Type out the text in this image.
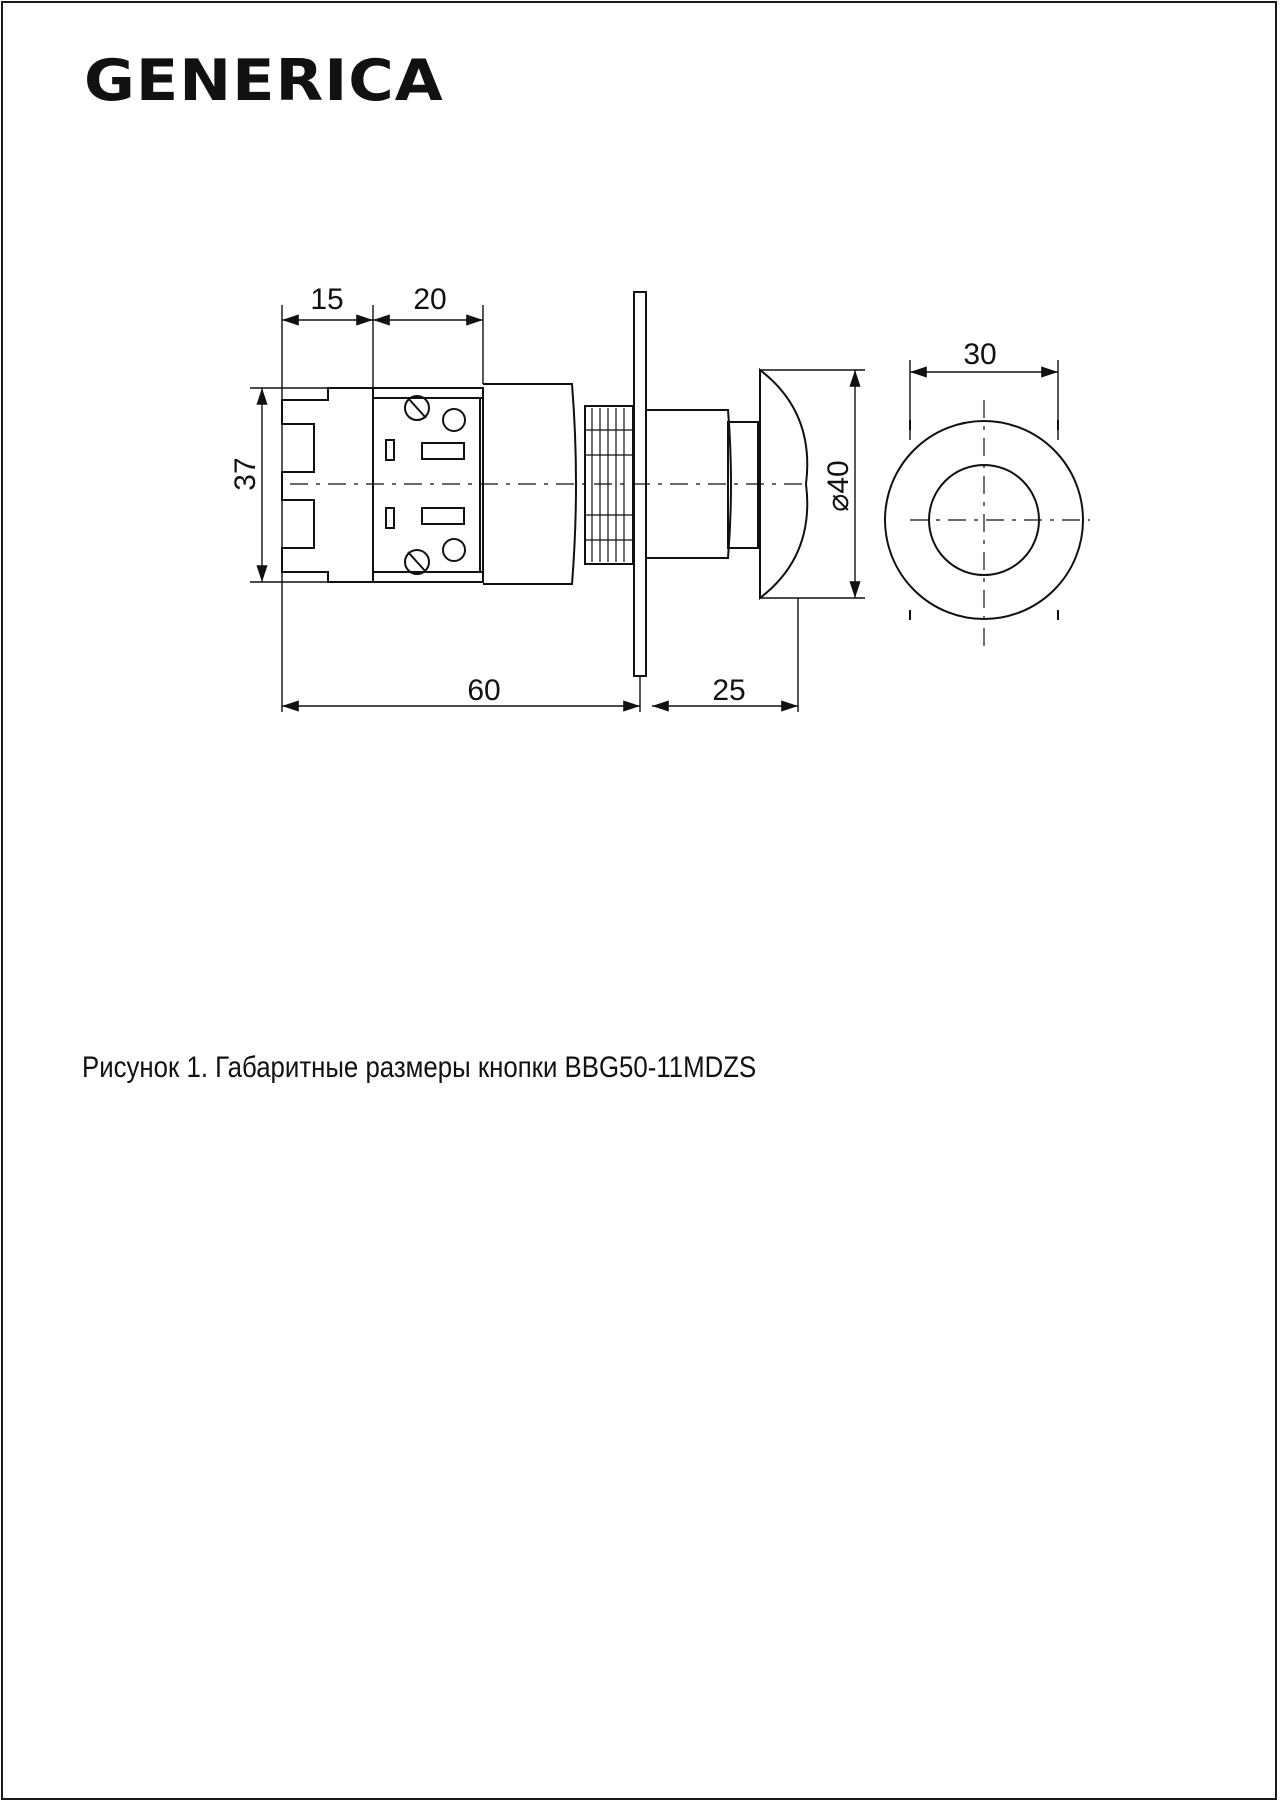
GENERICA
15 20
37
60	25
⌀40
30
Рисунок 1. Габаритные размеры кнопки BBG50-11MDZS
